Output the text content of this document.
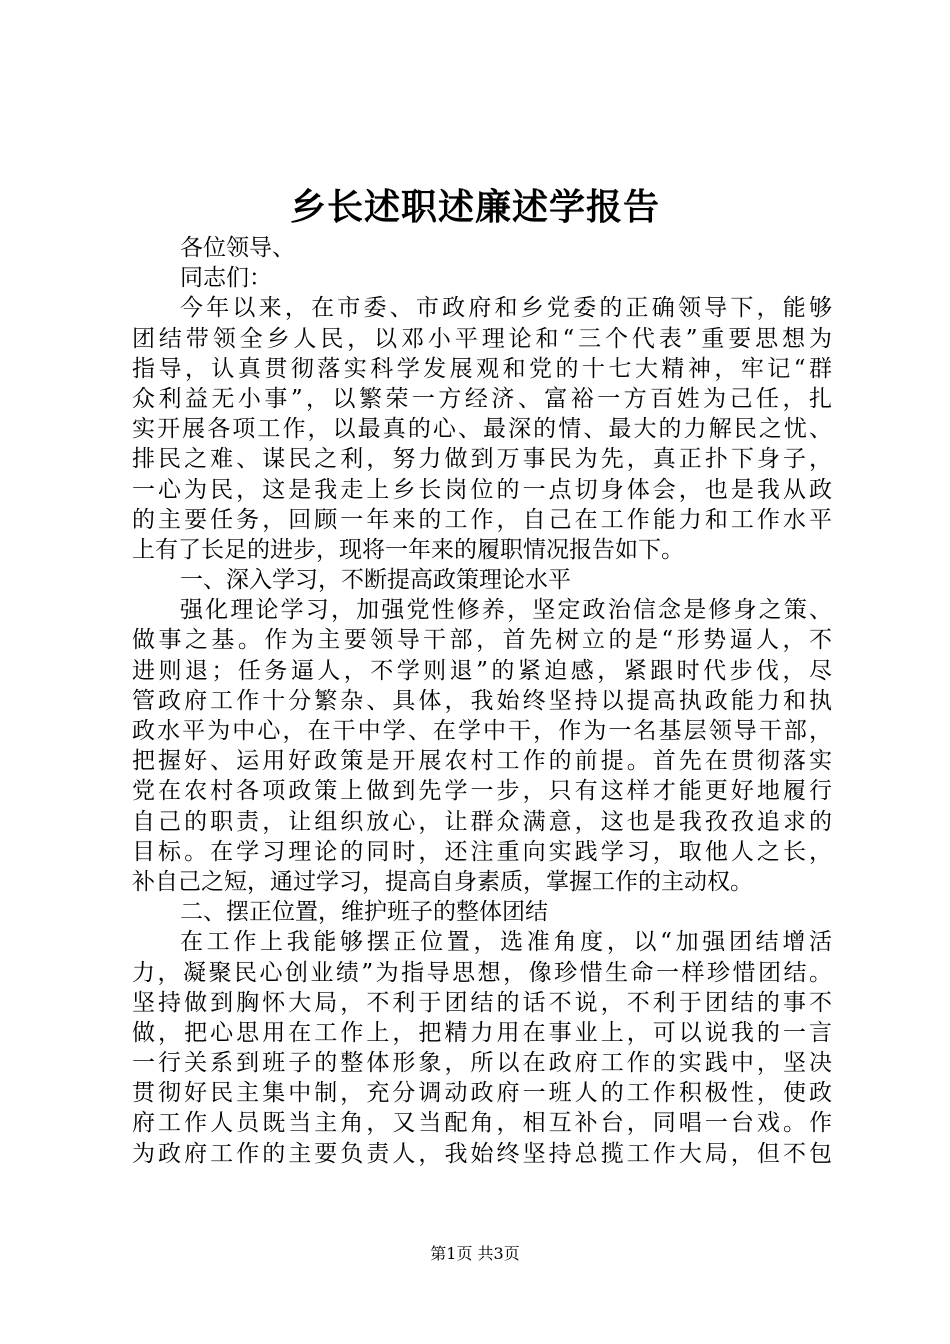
乡长述职述廉述学报告
各位领导、
同志们：
今年以来，在市委、市政府和乡党委的正确领导下，能够
团结带领全乡人民，以邓小平理论和“三个代表”重要思想为
指导，认真贯彻落实科学发展观和党的十七大精神，牢记“群
众利益无小事”，以繁荣一方经济、富裕一方百姓为己任，扎
实开展各项工作，以最真的心、最深的情、最大的力解民之忧、
排民之难、谋民之利，努力做到万事民为先，真正扑下身子，
一心为民，这是我走上乡长岗位的一点切身体会，也是我从政
的主要任务，回顾一年来的工作，自己在工作能力和工作水平
上有了长足的进步，现将一年来的履职情况报告如下。
一、深入学习，不断提高政策理论水平
强化理论学习，加强党性修养，坚定政治信念是修身之策、
做事之基。作为主要领导干部，首先树立的是“形势逼人，不
进则退；任务逼人，不学则退”的紧迫感，紧跟时代步伐，尽
管政府工作十分繁杂、具体，我始终坚持以提高执政能力和执
政水平为中心，在干中学、在学中干，作为一名基层领导干部，
把握好、运用好政策是开展农村工作的前提。首先在贯彻落实
党在农村各项政策上做到先学一步，只有这样才能更好地履行
自己的职责，让组织放心，让群众满意，这也是我孜孜追求的
目标。在学习理论的同时，还注重向实践学习，取他人之长，
补自己之短，通过学习，提高自身素质，掌握工作的主动权。
二、摆正位置，维护班子的整体团结
在工作上我能够摆正位置，选准角度，以“加强团结增活
力，凝聚民心创业绩”为指导思想，像珍惜生命一样珍惜团结。
坚持做到胸怀大局，不利于团结的话不说，不利于团结的事不
做，把心思用在工作上，把精力用在事业上，可以说我的一言
一行关系到班子的整体形象，所以在政府工作的实践中，坚决
贯彻好民主集中制，充分调动政府一班人的工作积极性，使政
府工作人员既当主角，又当配角，相互补台，同唱一台戏。作
为政府工作的主要负责人，我始终坚持总揽工作大局，但不包
第1页 共3页
